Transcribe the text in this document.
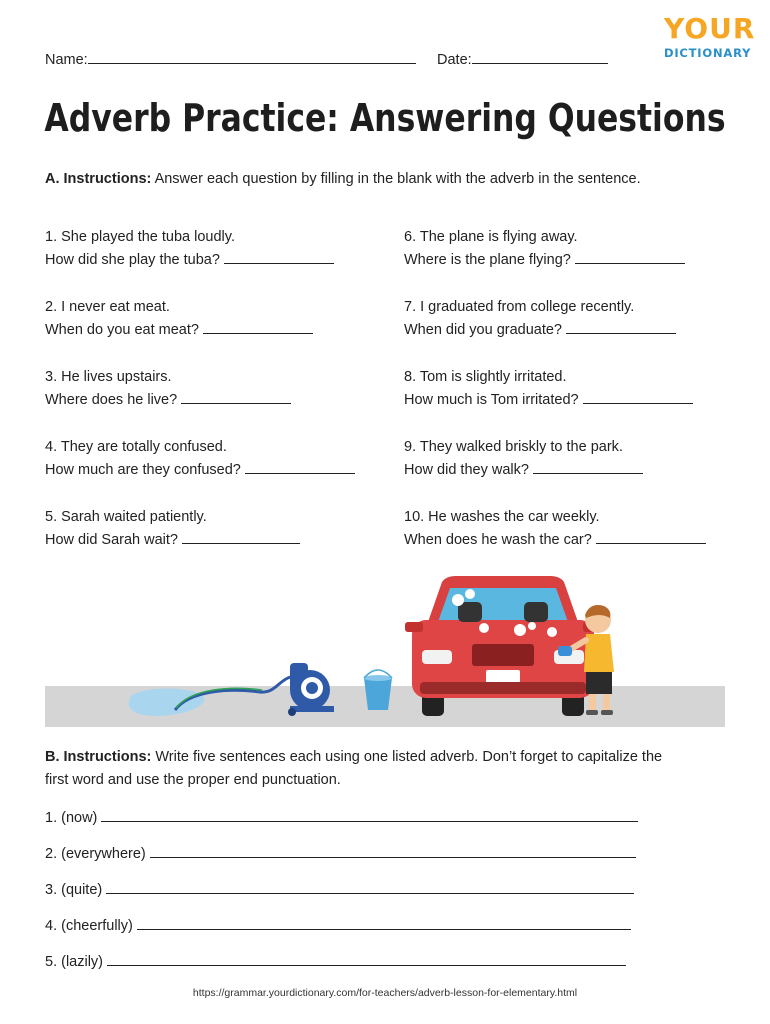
Name:	Date:
YOUR
DICTIONARY
Adverb Practice: Answering Questions
A. Instructions: Answer each question by filling in the blank with the adverb in the sentence.
1. She played the tuba loudly.
How did she play the tuba?
2. I never eat meat.
When do you eat meat?
3. He lives upstairs.
Where does he live?
4. They are totally confused.
How much are they confused?
5. Sarah waited patiently.
How did Sarah wait?
6. The plane is flying away.
Where is the plane flying?
7. I graduated from college recently.
When did you graduate?
8. Tom is slightly irritated.
How much is Tom irritated?
9. They walked briskly to the park.
How did they walk?
10. He washes the car weekly.
When does he wash the car?
B. Instructions: Write five sentences each using one listed adverb. Don’t forget to capitalize the
first word and use the proper end punctuation.
1. (now)
2. (everywhere)
3. (quite)
4. (cheerfully)
5. (lazily)
https://grammar.yourdictionary.com/for-teachers/adverb-lesson-for-elementary.html
